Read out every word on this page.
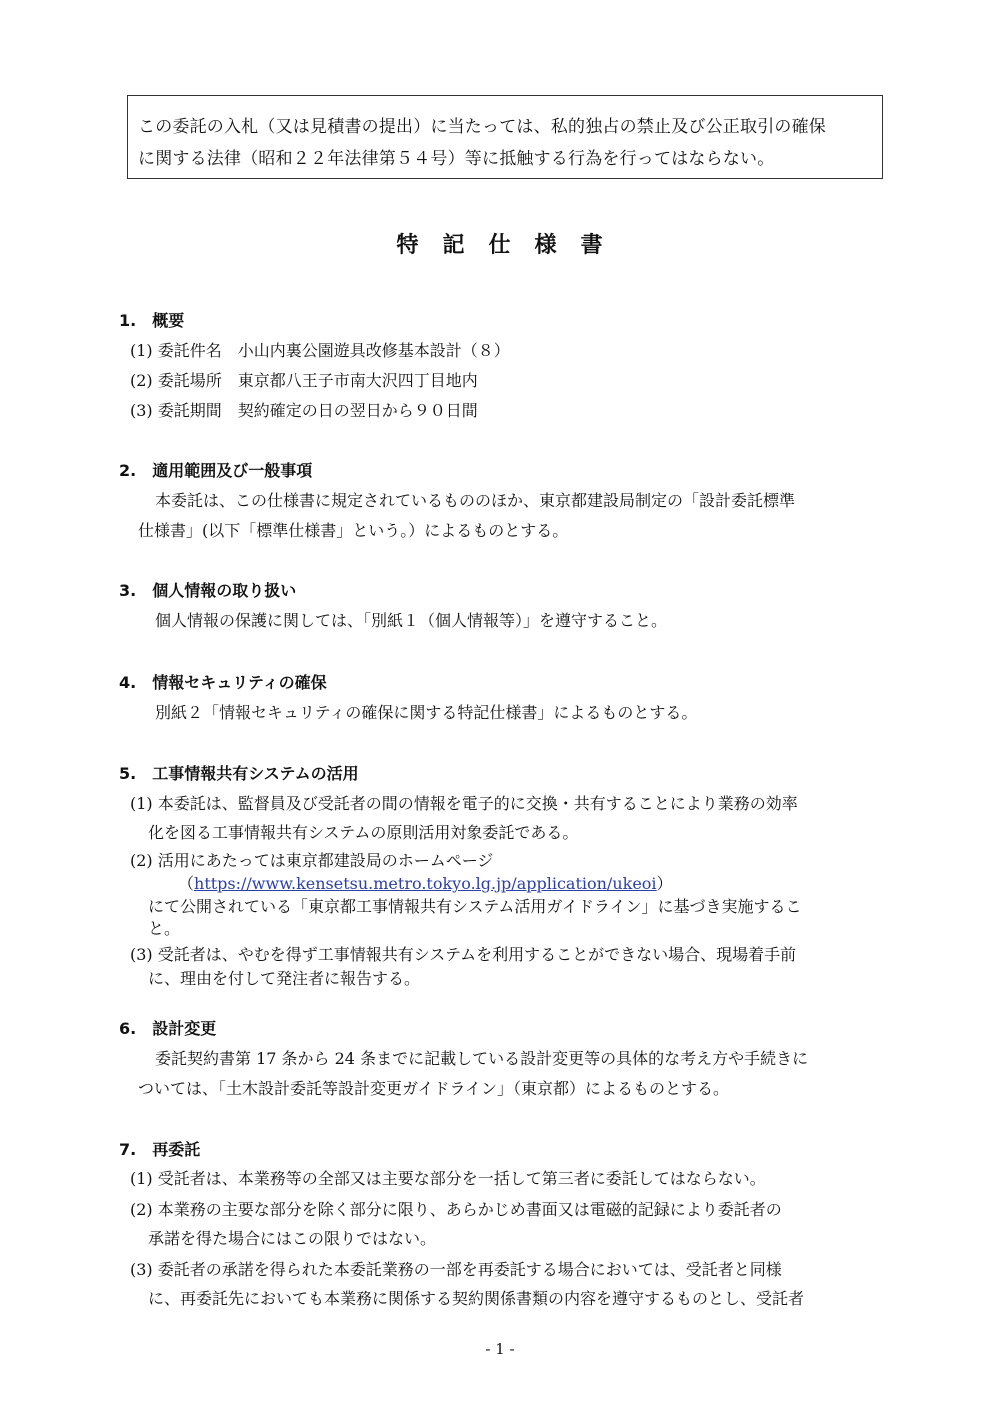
この委託の入札（又は見積書の提出）に当たっては、私的独占の禁止及び公正取引の確保
に関する法律（昭和２２年法律第５４号）等に抵触する行為を行ってはならない。
特　記　仕　様　書
1.　概要
(1) 委託件名　小山内裏公園遊具改修基本設計（８）
(2) 委託場所　東京都八王子市南大沢四丁目地内
(3) 委託期間　契約確定の日の翌日から９０日間
2.　適用範囲及び一般事項
本委託は、この仕様書に規定されているもののほか、東京都建設局制定の「設計委託標準
仕様書」(以下「標準仕様書」という。）によるものとする。
3.　個人情報の取り扱い
個人情報の保護に関しては、「別紙１（個人情報等）」を遵守すること。
4.　情報セキュリティの確保
別紙２「情報セキュリティの確保に関する特記仕様書」によるものとする。
5.　工事情報共有システムの活用
(1) 本委託は、監督員及び受託者の間の情報を電子的に交換・共有することにより業務の効率
化を図る工事情報共有システムの原則活用対象委託である。
(2) 活用にあたっては東京都建設局のホームページ
（https://www.kensetsu.metro.tokyo.lg.jp/application/ukeoi）
にて公開されている「東京都工事情報共有システム活用ガイドライン」に基づき実施するこ
と。
(3) 受託者は、やむを得ず工事情報共有システムを利用することができない場合、現場着手前
に、理由を付して発注者に報告する。
6.　設計変更
委託契約書第 17 条から 24 条までに記載している設計変更等の具体的な考え方や手続きに
ついては、「土木設計委託等設計変更ガイドライン」（東京都）によるものとする。
7.　再委託
(1) 受託者は、本業務等の全部又は主要な部分を一括して第三者に委託してはならない。
(2) 本業務の主要な部分を除く部分に限り、あらかじめ書面又は電磁的記録により委託者の
承諾を得た場合にはこの限りではない。
(3) 委託者の承諾を得られた本委託業務の一部を再委託する場合においては、受託者と同様
に、再委託先においても本業務に関係する契約関係書類の内容を遵守するものとし、受託者
- 1 -
